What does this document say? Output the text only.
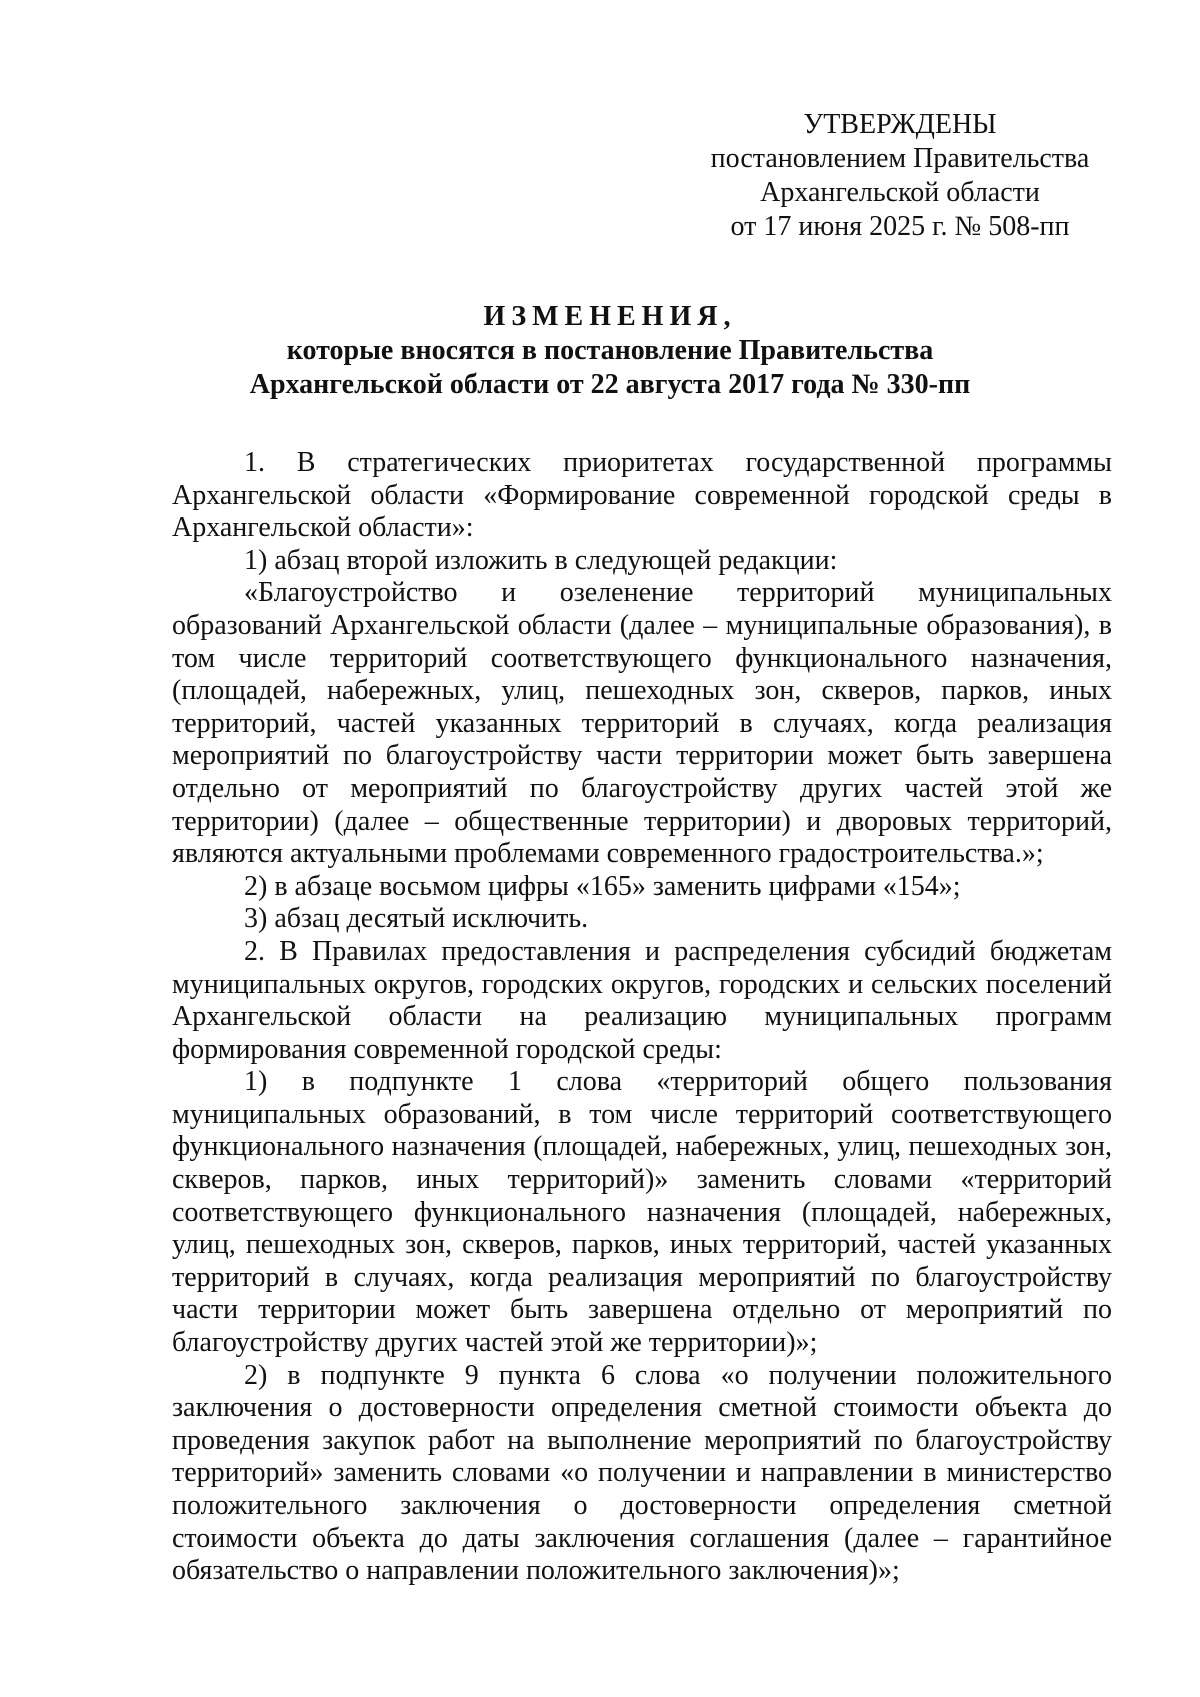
УТВЕРЖДЕНЫ
постановлением Правительства
Архангельской области
от 17 июня 2025 г. № 508-пп
ИЗМЕНЕНИЯ,
которые вносятся в постановление Правительства
Архангельской области от 22 августа 2017 года № 330-пп

1. В стратегических приоритетах государственной программы Архангельской области «Формирование современной городской среды в Архангельской области»:

1) абзац второй изложить в следующей редакции:

«Благоустройство и озеленение территорий муниципальных образований Архангельской области (далее – муниципальные образования), в том числе территорий соответствующего функционального назначения, (площадей, набережных, улиц, пешеходных зон, скверов, парков, иных территорий, частей указанных территорий в случаях, когда реализация мероприятий по благоустройству части территории может быть завершена отдельно от мероприятий по благоустройству других частей этой же территории) (далее – общественные территории) и дворовых территорий, являются актуальными проблемами современного градостроительства.»;

2) в абзаце восьмом цифры «165» заменить цифрами «154»;

3) абзац десятый исключить.

2. В Правилах предоставления и распределения субсидий бюджетам муниципальных округов, городских округов, городских и сельских поселений Архангельской области на реализацию муниципальных программ формирования современной городской среды:

1) в подпункте 1 слова «территорий общего пользования муниципальных образований, в том числе территорий соответствующего функционального назначения (площадей, набережных, улиц, пешеходных зон, скверов, парков, иных территорий)» заменить словами «территорий соответствующего функционального назначения (площадей, набережных, улиц, пешеходных зон, скверов, парков, иных территорий, частей указанных территорий в случаях, когда реализация мероприятий по благоустройству части территории может быть завершена отдельно от мероприятий по благоустройству других частей этой же территории)»;

2) в подпункте 9 пункта 6 слова «о получении положительного заключения о достоверности определения сметной стоимости объекта до проведения закупок работ на выполнение мероприятий по благоустройству территорий» заменить словами «о получении и направлении в министерство положительного заключения о достоверности определения сметной стоимости объекта до даты заключения соглашения (далее – гарантийное обязательство о направлении положительного заключения)»;
